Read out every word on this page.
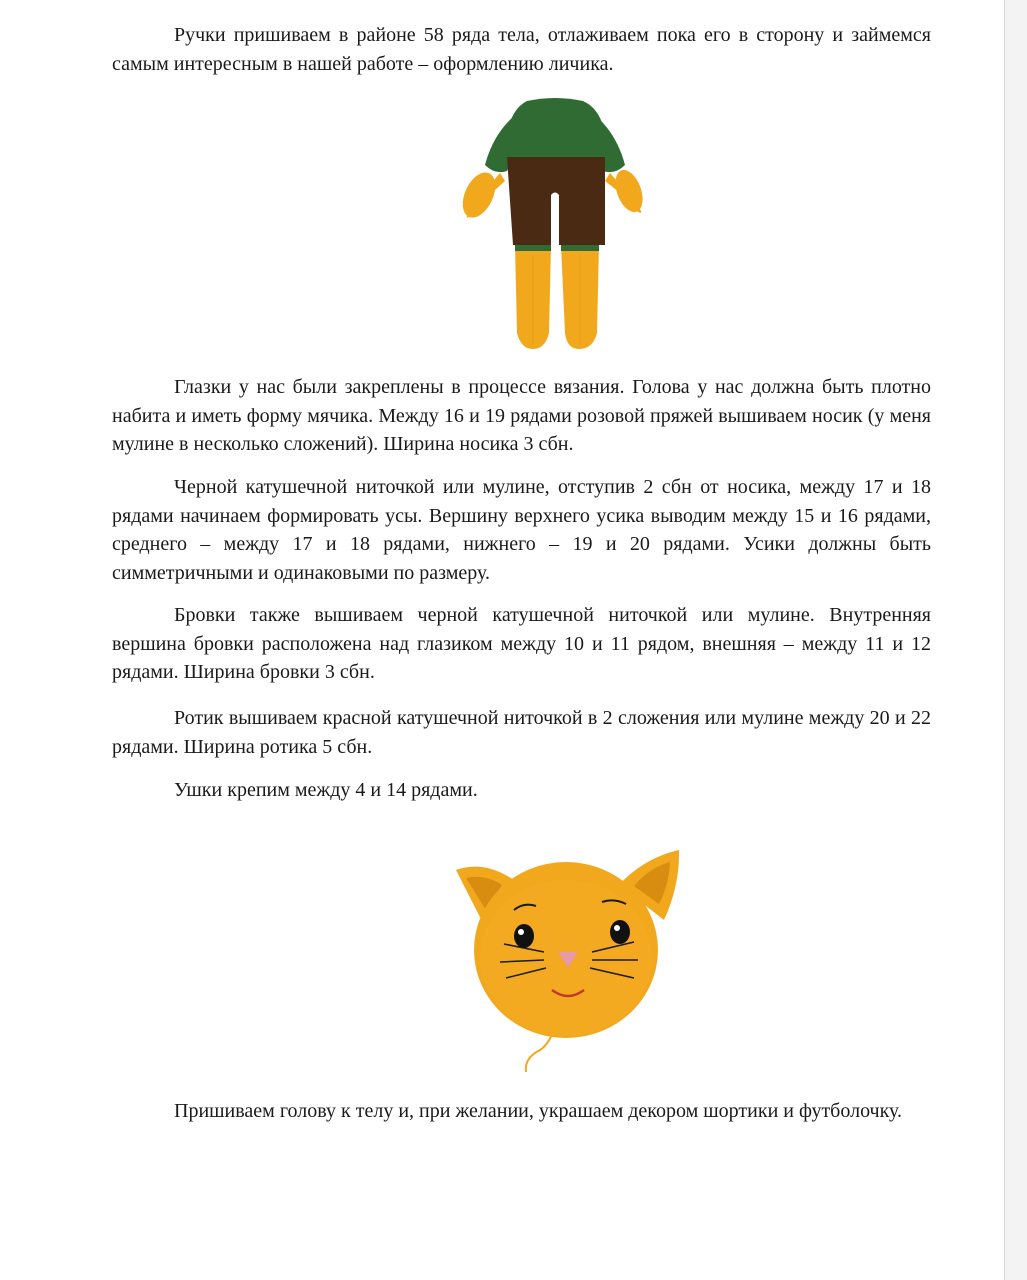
Ручки пришиваем в районе 58 ряда тела, отлаживаем пока его в сторону и займемся самым интересным в нашей работе – оформлению личика.

Глазки у нас были закреплены в процессе вязания. Голова у нас должна быть плотно набита и иметь форму мячика. Между 16 и 19 рядами розовой пряжей вышиваем носик (у меня мулине в несколько сложений). Ширина носика 3 сбн.

Черной катушечной ниточкой или мулине, отступив 2 сбн от носика, между 17 и 18 рядами начинаем формировать усы. Вершину верхнего усика выводим между 15 и 16 рядами, среднего – между 17 и 18 рядами, нижнего – 19 и 20 рядами. Усики должны быть симметричными и одинаковыми по размеру.

Бровки также вышиваем черной катушечной ниточкой или мулине. Внутренняя вершина бровки расположена над глазиком между 10 и 11 рядом, внешняя – между 11 и 12 рядами. Ширина бровки 3 сбн.

Ротик вышиваем красной катушечной ниточкой в 2 сложения или мулине между 20 и 22 рядами. Ширина ротика 5 сбн.

Ушки крепим между 4 и 14 рядами.

Пришиваем голову к телу и, при желании, украшаем декором шортики и футболочку.
